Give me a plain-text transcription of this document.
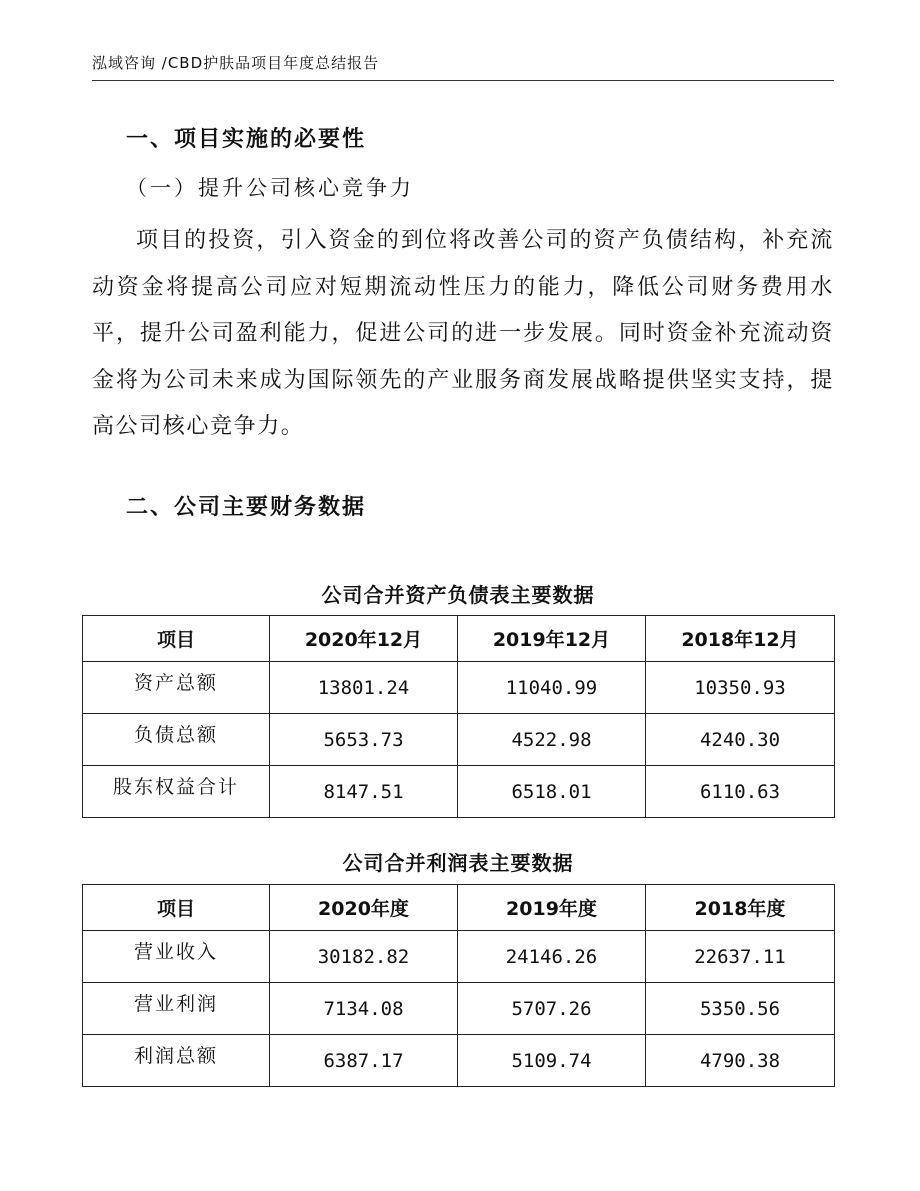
泓域咨询 /CBD护肤品项目年度总结报告
一、项目实施的必要性
（一）提升公司核心竞争力
项目的投资，引入资金的到位将改善公司的资产负债结构，补充流动资金将提高公司应对短期流动性压力的能力，降低公司财务费用水平，提升公司盈利能力，促进公司的进一步发展。同时资金补充流动资金将为公司未来成为国际领先的产业服务商发展战略提供坚实支持，提高公司核心竞争力。
二、公司主要财务数据
公司合并资产负债表主要数据
项目	2020年12月	2019年12月	2018年12月
资产总额	13801.24	11040.99	10350.93
负债总额	5653.73	4522.98	4240.30
股东权益合计	8147.51	6518.01	6110.63
公司合并利润表主要数据
项目	2020年度	2019年度	2018年度
营业收入	30182.82	24146.26	22637.11
营业利润	7134.08	5707.26	5350.56
利润总额	6387.17	5109.74	4790.38
